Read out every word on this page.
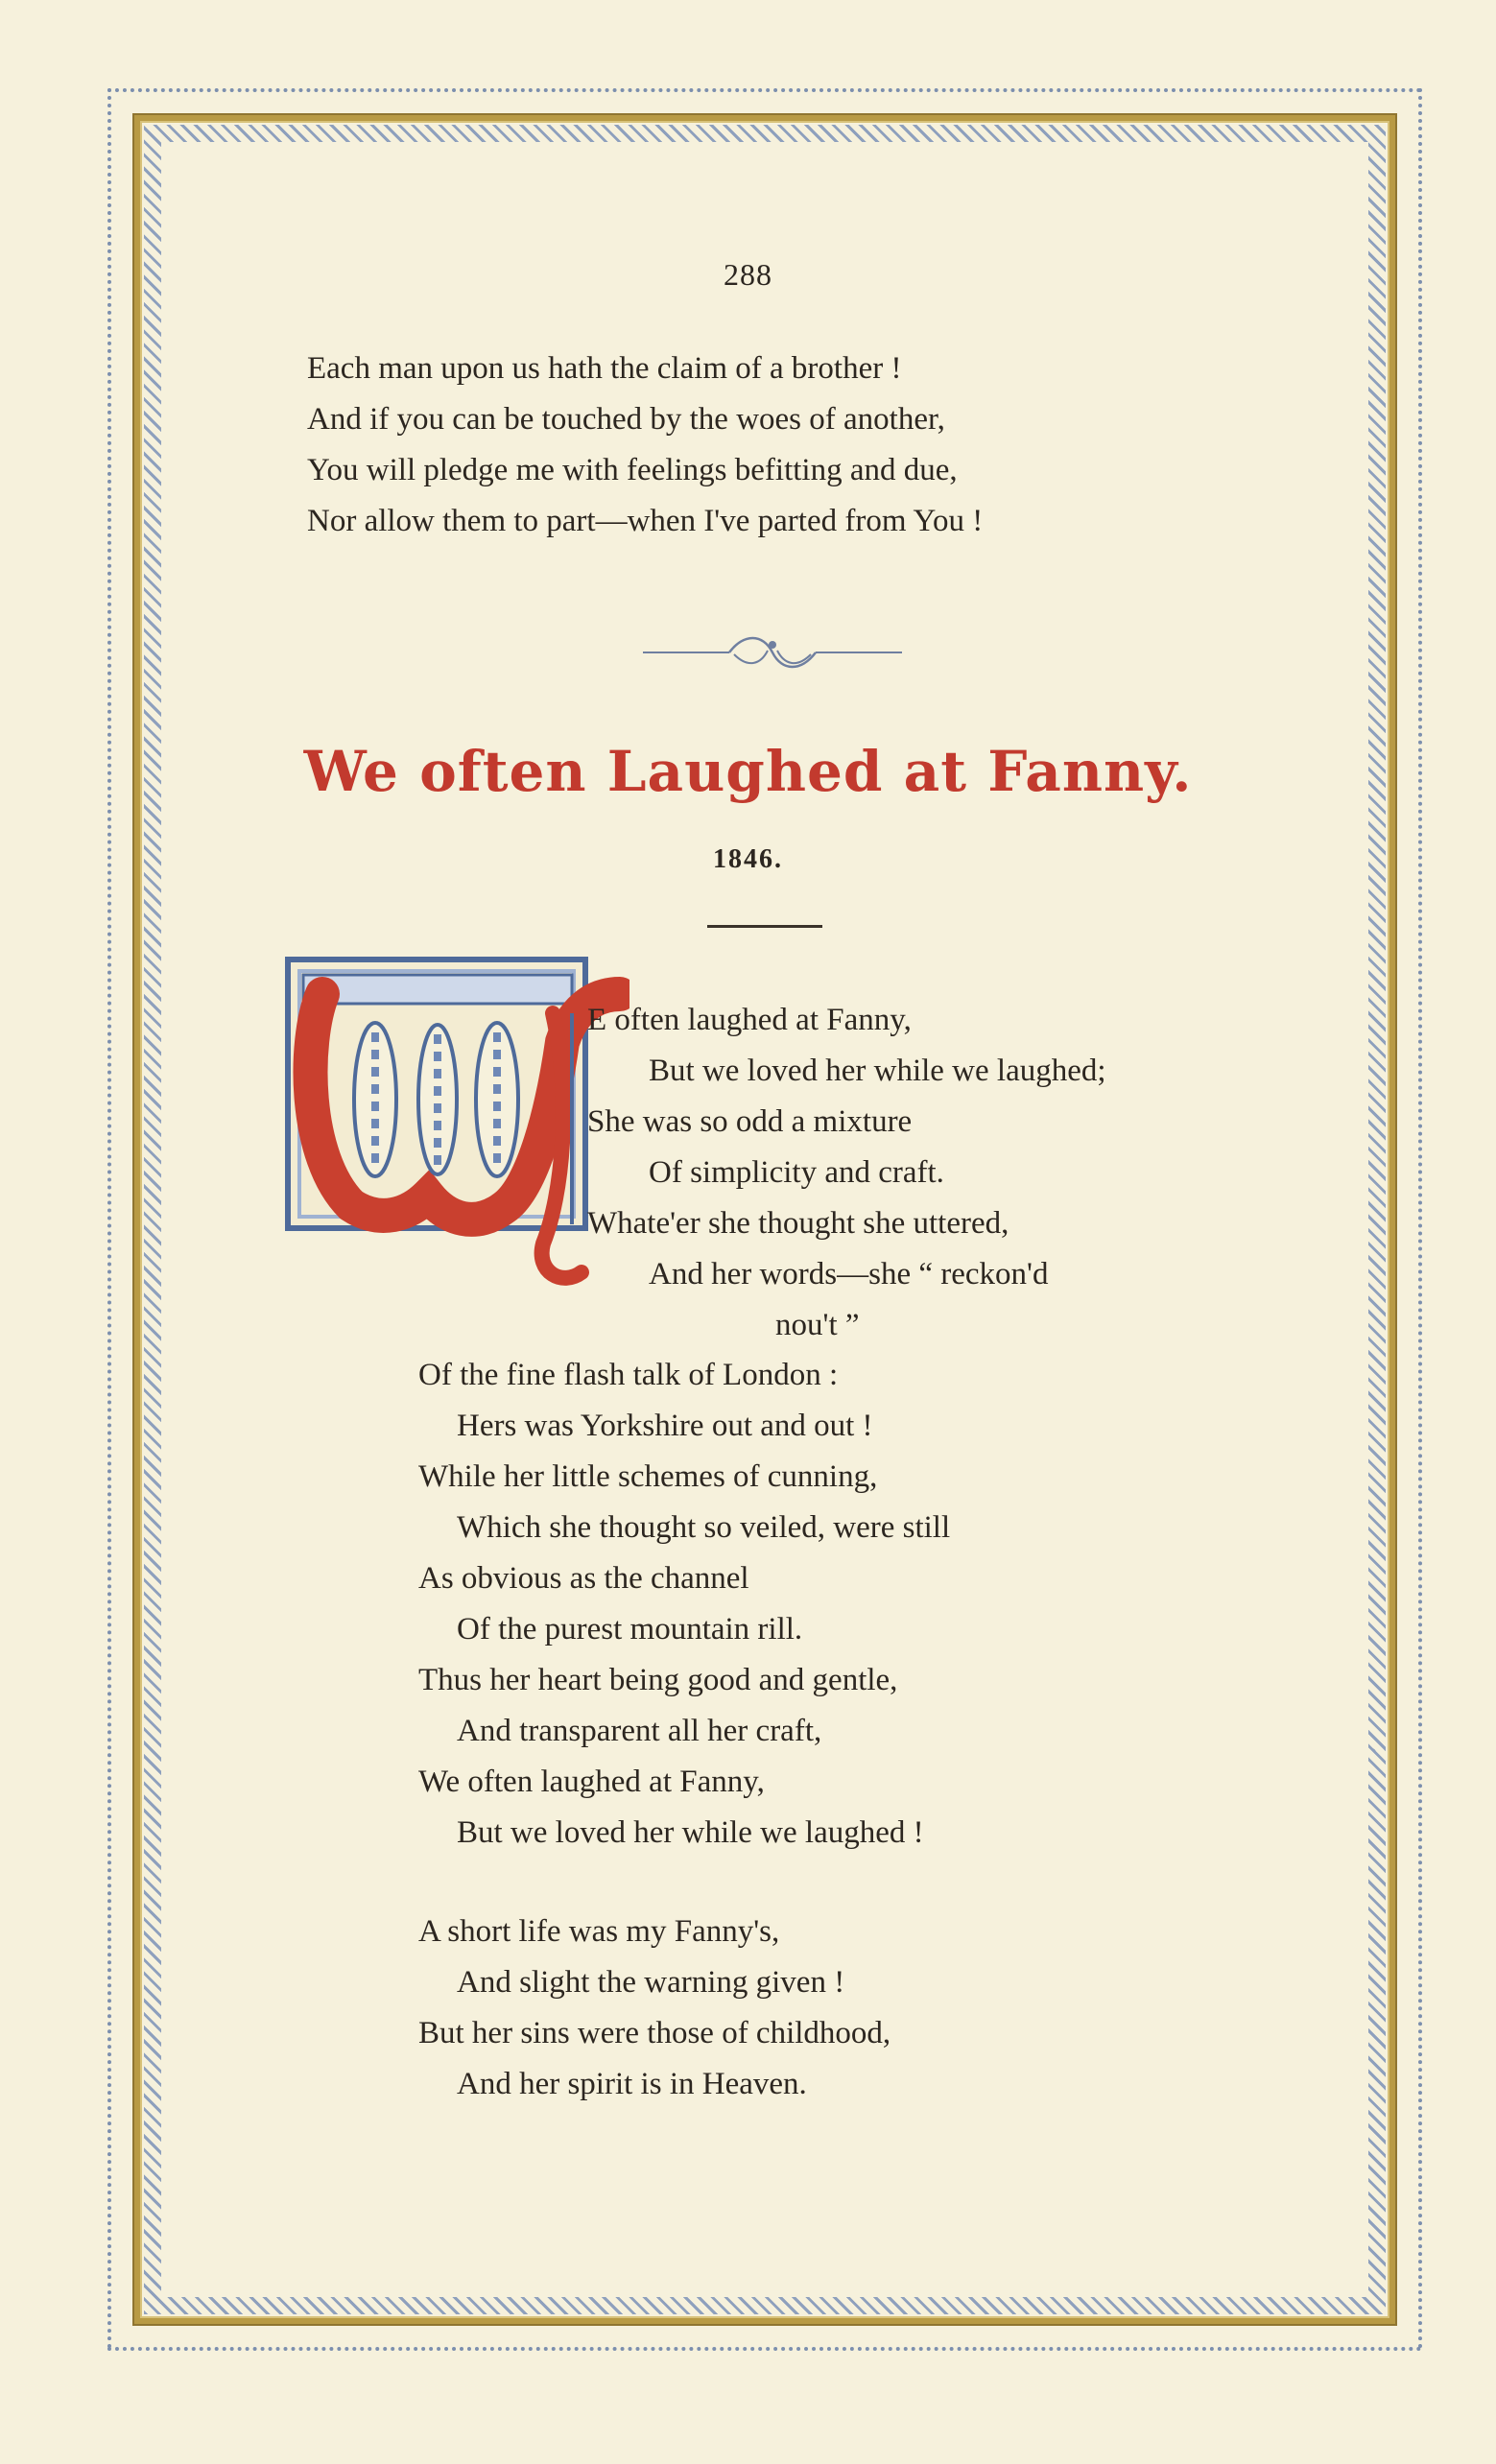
288
Each man upon us hath the claim of a brother !
And if you can be touched by the woes of another,
You will pledge me with feelings befitting and due,
Nor allow them to part—when I've parted from You !
We often Laughed at Fanny.
1846.
W
E often laughed at Fanny,
But we loved her while we laughed;
She was so odd a mixture
Of simplicity and craft.
Whate'er she thought she uttered,
And her words—she “ reckon'd
nou't ”
Of the fine flash talk of London :
Hers was Yorkshire out and out !
While her little schemes of cunning,
Which she thought so veiled, were still
As obvious as the channel
Of the purest mountain rill.
Thus her heart being good and gentle,
And transparent all her craft,
We often laughed at Fanny,
But we loved her while we laughed !
A short life was my Fanny's,
And slight the warning given !
But her sins were those of childhood,
And her spirit is in Heaven.
